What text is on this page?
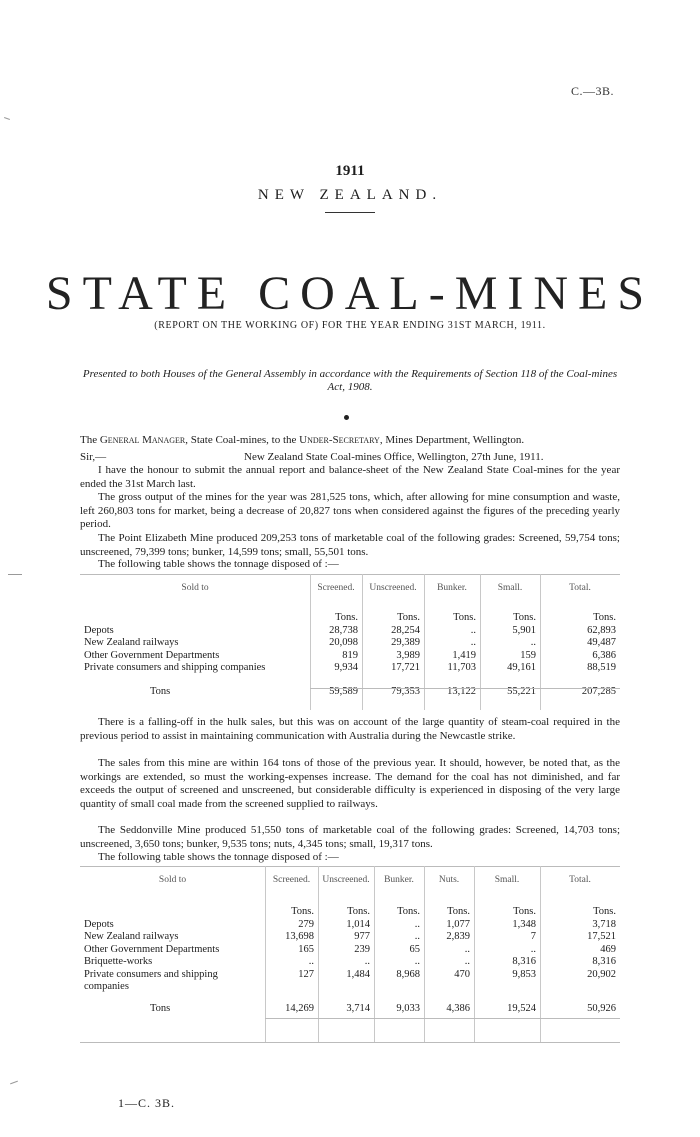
C.—3B.
1911
NEW ZEALAND.
STATE COAL-MINES
(REPORT ON THE WORKING OF) FOR THE YEAR ENDING 31ST MARCH, 1911.
Presented to both Houses of the General Assembly in accordance with the Requirements of Section 118 of the Coal-mines Act, 1908.
The General Manager, State Coal-mines, to the Under-Secretary, Mines Department, Wellington.
Sir,—	New Zealand State Coal-mines Office, Wellington, 27th June, 1911.
I have the honour to submit the annual report and balance-sheet of the New Zealand State Coal-mines for the year ended the 31st March last.
The gross output of the mines for the year was 281,525 tons, which, after allowing for mine consumption and waste, left 260,803 tons for market, being a decrease of 20,827 tons when considered against the figures of the preceding yearly period.
The Point Elizabeth Mine produced 209,253 tons of marketable coal of the following grades: Screened, 59,754 tons; unscreened, 79,399 tons; bunker, 14,599 tons; small, 55,501 tons.
The following table shows the tonnage disposed of :—
Sold to	Screened.	Unscreened.	Bunker.	Small.	Total.
	Tons.	Tons.	Tons.	Tons.	Tons.
Depots	28,738	28,254	..	5,901	62,893
New Zealand railways	20,098	29,389	..	..	49,487
Other Government Departments	819	3,989	1,419	159	6,386
Private consumers and shipping companies	9,934	17,721	11,703	49,161	88,519
Tons	59,589	79,353	13,122	55,221	207,285
There is a falling-off in the hulk sales, but this was on account of the large quantity of steam-coal required in the previous period to assist in maintaining communication with Australia during the Newcastle strike.
The sales from this mine are within 164 tons of those of the previous year. It should, however, be noted that, as the workings are extended, so must the working-expenses increase. The demand for the coal has not diminished, and far exceeds the output of screened and unscreened, but considerable difficulty is experienced in disposing of the very large quantity of small coal made from the screened supplied to railways.
The Seddonville Mine produced 51,550 tons of marketable coal of the following grades: Screened, 14,703 tons; unscreened, 3,650 tons; bunker, 9,535 tons; nuts, 4,345 tons; small, 19,317 tons.
The following table shows the tonnage disposed of :—
Sold to	Screened.	Unscreened.	Bunker.	Nuts.	Small.	Total.
	Tons.	Tons.	Tons.	Tons.	Tons.	Tons.
Depots	279	1,014	..	1,077	1,348	3,718
New Zealand railways	13,698	977	..	2,839	7	17,521
Other Government Departments	165	239	65	..	..	469
Briquette-works	..	..	..	..	8,316	8,316
Private consumers and shipping companies	127	1,484	8,968	470	9,853	20,902
Tons	14,269	3,714	9,033	4,386	19,524	50,926
1—C. 3B.
